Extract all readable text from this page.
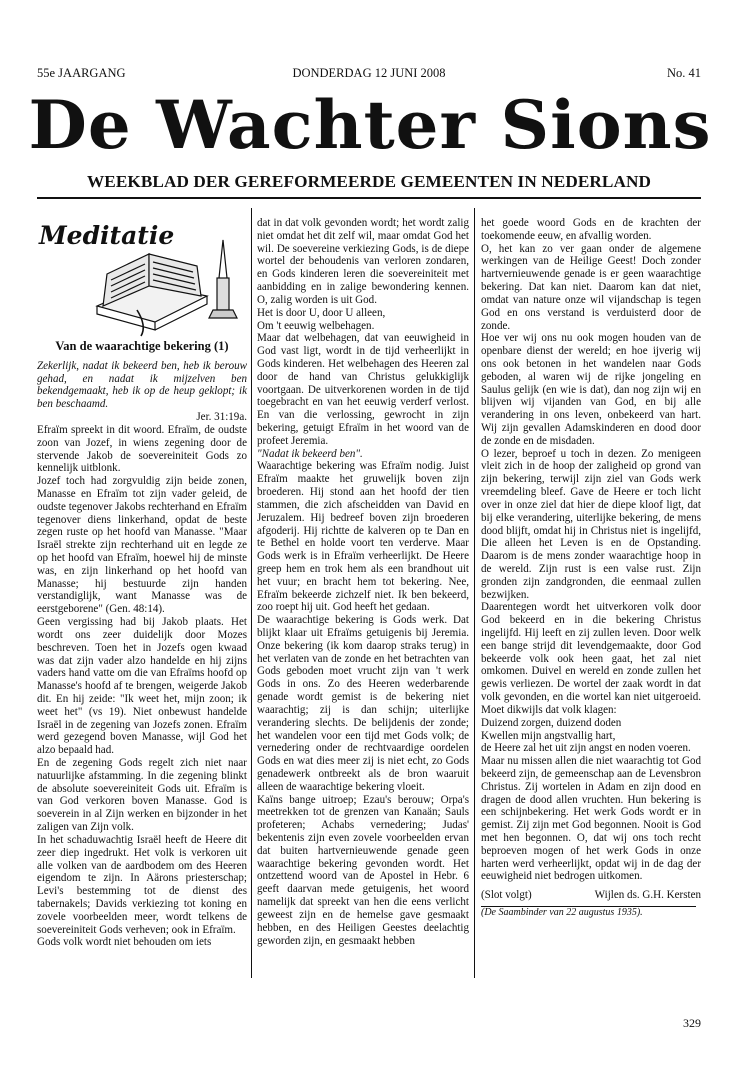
55e JAARGANG	DONDERDAG 12 JUNI 2008	No. 41
De Wachter Sions
WEEKBLAD DER GEREFORMEERDE GEMEENTEN IN NEDERLAND
Meditatie
Van de waarachtige bekering (1)

Zekerlijk, nadat ik bekeerd ben, heb ik berouw gehad, en nadat ik mijzelven ben bekendgemaakt, heb ik op de heup geklopt; ik ben beschaamd.

Jer. 31:19a.

Efraïm spreekt in dit woord. Efraïm, de oudste zoon van Jozef, in wiens zegening door de stervende Jakob de soevereiniteit Gods zo kennelijk uitblonk.

Jozef toch had zorgvuldig zijn beide zonen, Manasse en Efraïm tot zijn vader geleid, de oudste tegenover Jakobs rechterhand en Efraïm tegenover diens linkerhand, opdat de beste zegen ruste op het hoofd van Manasse. "Maar Israël strekte zijn rechterhand uit en legde ze op het hoofd van Efraïm, hoewel hij de minste was, en zijn linkerhand op het hoofd van Manasse; hij bestuurde zijn handen verstandiglijk, want Manasse was de eerstgeborene" (Gen. 48:14).

Geen vergissing had bij Jakob plaats. Het wordt ons zeer duidelijk door Mozes beschreven. Toen het in Jozefs ogen kwaad was dat zijn vader alzo handelde en hij zijns vaders hand vatte om die van Efraïms hoofd op Manasse's hoofd af te brengen, weigerde Jakob dit. En hij zeide: "Ik weet het, mijn zoon; ik weet het" (vs 19). Niet onbewust handelde Israël in de zegening van Jozefs zonen. Efraïm werd gezegend boven Manasse, wijl God het alzo bepaald had.

En de zegening Gods regelt zich niet naar natuurlijke afstamming. In die zegening blinkt de absolute soevereiniteit Gods uit. Efraïm is van God verkoren boven Manasse. God is soeverein in al Zijn werken en bijzonder in het zaligen van Zijn volk.

In het schaduwachtig Israël heeft de Heere dit zeer diep ingedrukt. Het volk is verkoren uit alle volken van de aardbodem om des Heeren eigendom te zijn. In Aärons priesterschap; Levi's bestemming tot de dienst des tabernakels; Davids verkiezing tot koning en zovele voorbeelden meer, wordt telkens de soevereiniteit Gods verheven; ook in Efraïm.

Gods volk wordt niet behouden om iets

dat in dat volk gevonden wordt; het wordt zalig niet omdat het dit zelf wil, maar omdat God het wil. De soevereine verkiezing Gods, is de diepe wortel der behoudenis van verloren zondaren, en Gods kinderen leren die soevereiniteit met aanbidding en in zalige bewondering kennen. O, zalig worden is uit God.

Het is door U, door U alleen,

Om 't eeuwig welbehagen.

Maar dat welbehagen, dat van eeuwigheid in God vast ligt, wordt in de tijd verheerlijkt in Gods kinderen. Het welbehagen des Heeren zal door de hand van Christus gelukkiglijk voortgaan. De uitverkorenen worden in de tijd toegebracht en van het eeuwig verderf verlost. En van die verlossing, gewrocht in zijn bekering, getuigt Efraïm in het woord van de profeet Jeremia.

"Nadat ik bekeerd ben".

Waarachtige bekering was Efraïm nodig. Juist Efraïm maakte het gruwelijk boven zijn broederen. Hij stond aan het hoofd der tien stammen, die zich afscheidden van David en Jeruzalem. Hij bedreef boven zijn broederen afgoderij. Hij richtte de kalveren op te Dan en te Bethel en holde voort ten verderve. Maar Gods werk is in Efraïm verheerlijkt. De Heere greep hem en trok hem als een brandhout uit het vuur; en bracht hem tot bekering. Nee, Efraïm bekeerde zichzelf niet. Ik ben bekeerd, zoo roept hij uit. God heeft het gedaan.

De waarachtige bekering is Gods werk. Dat blijkt klaar uit Efraïms getuigenis bij Jeremia. Onze bekering (ik kom daarop straks terug) in het verlaten van de zonde en het betrachten van Gods geboden moet vrucht zijn van 't werk Gods in ons. Zo des Heeren wederbarende genade wordt gemist is de bekering niet waarachtig; zij is dan schijn; uiterlijke verandering slechts. De belijdenis der zonde; het wandelen voor een tijd met Gods volk; de vernedering onder de rechtvaardige oordelen Gods en wat dies meer zij is niet echt, zo Gods genadewerk ontbreekt als de bron waaruit alleen de waarachtige bekering vloeit.

Kaïns bange uitroep; Ezau's berouw; Orpa's meetrekken tot de grenzen van Kanaän; Sauls profeteren; Achabs vernedering; Judas' bekentenis zijn even zovele voorbeelden ervan dat buiten hartvernieuwende genade geen waarachtige bekering gevonden wordt. Het ontzettend woord van de Apostel in Hebr. 6 geeft daarvan mede getuigenis, het woord namelijk dat spreekt van hen die eens verlicht geweest zijn en de hemelse gave gesmaakt hebben, en des Heiligen Geestes deelachtig geworden zijn, en gesmaakt hebben

het goede woord Gods en de krachten der toekomende eeuw, en afvallig worden.

O, het kan zo ver gaan onder de algemene werkingen van de Heilige Geest! Doch zonder hartvernieuwende genade is er geen waarachtige bekering. Dat kan niet. Daarom kan dat niet, omdat van nature onze wil vijandschap is tegen God en ons verstand is verduisterd door de zonde.

Hoe ver wij ons nu ook mogen houden van de openbare dienst der wereld; en hoe ijverig wij ons ook betonen in het wandelen naar Gods geboden, al waren wij de rijke jongeling en Saulus gelijk (en wie is dat), dan nog zijn wij en blijven wij vijanden van God, en bij alle verandering in ons leven, onbekeerd van hart. Wij zijn gevallen Adamskinderen en dood door de zonde en de misdaden.

O lezer, beproef u toch in dezen. Zo menigeen vleit zich in de hoop der zaligheid op grond van zijn bekering, terwijl zijn ziel van Gods werk vreemdeling bleef. Gave de Heere er toch licht over in onze ziel dat hier de diepe kloof ligt, dat bij elke verandering, uiterlijke bekering, de mens dood blijft, omdat hij in Christus niet is ingelijfd, Die alleen het Leven is en de Opstanding. Daarom is de mens zonder waarachtige hoop in de wereld. Zijn rust is een valse rust. Zijn gronden zijn zandgronden, die eenmaal zullen bezwijken.

Daarentegen wordt het uitverkoren volk door God bekeerd en in die bekering Christus ingelijfd. Hij leeft en zij zullen leven. Door welk een bange strijd dit levendgemaakte, door God bekeerde volk ook heen gaat, het zal niet omkomen. Duivel en wereld en zonde zullen het gewis verliezen. De wortel der zaak wordt in dat volk gevonden, en die wortel kan niet uitgeroeid. Moet dikwijls dat volk klagen:

Duizend zorgen, duizend doden

Kwellen mijn angstvallig hart,

de Heere zal het uit zijn angst en noden voeren.

Maar nu missen allen die niet waarachtig tot God bekeerd zijn, de gemeenschap aan de Levensbron Christus. Zij wortelen in Adam en zijn dood en dragen de dood allen vruchten. Hun bekering is een schijnbekering. Het werk Gods wordt er in gemist. Zij zijn met God begonnen. Nooit is God met hen begonnen. O, dat wij ons toch recht beproeven mogen of het werk Gods in onze harten werd verheerlijkt, opdat wij in de dag der eeuwigheid niet bedrogen uitkomen.

(Slot volgt)	Wijlen ds. G.H. Kersten

(De Saambinder van 22 augustus 1935).

329
